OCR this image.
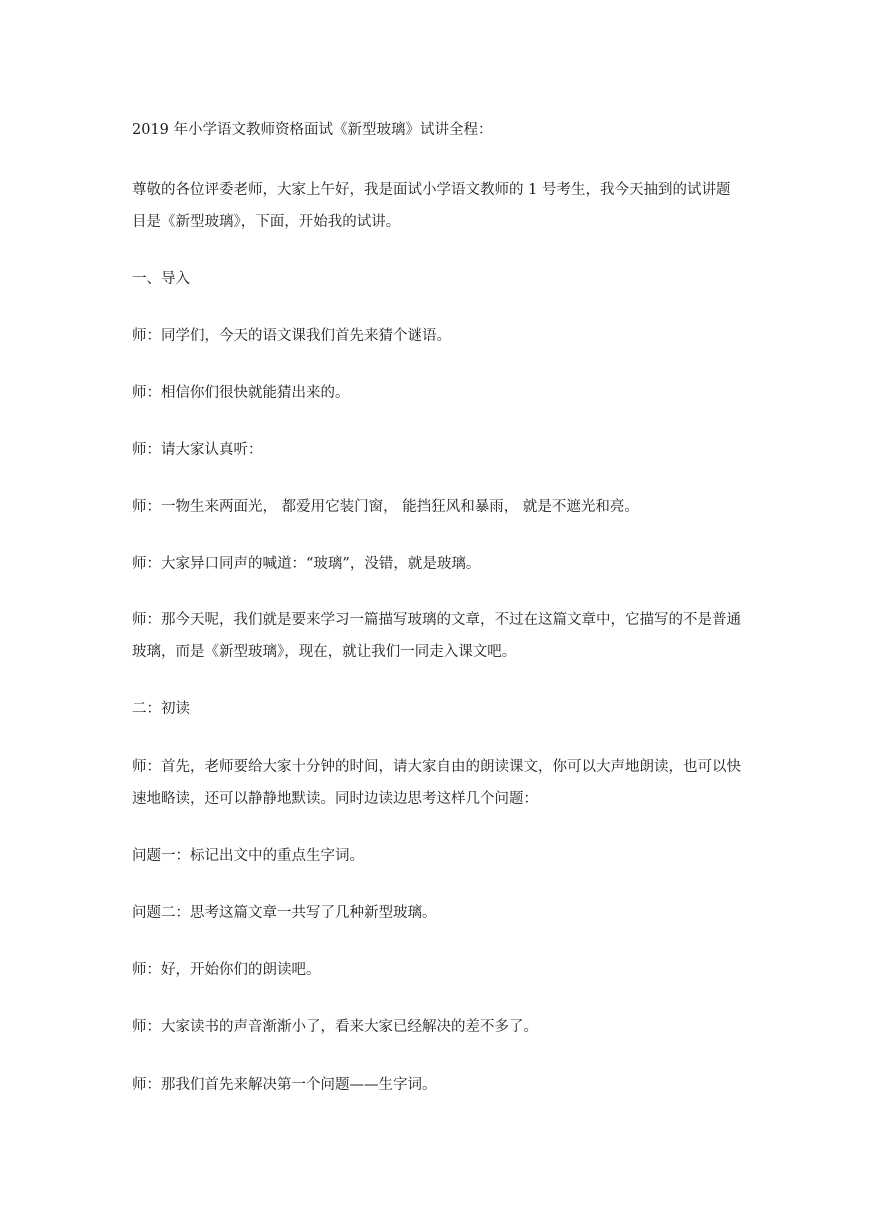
2019 年小学语文教师资格面试《新型玻璃》试讲全程：

尊敬的各位评委老师，大家上午好，我是面试小学语文教师的 1 号考生，我今天抽到的试讲题目是《新型玻璃》，下面，开始我的试讲。

一、导入

师：同学们，今天的语文课我们首先来猜个谜语。

师：相信你们很快就能猜出来的。

师：请大家认真听：

师：一物生来两面光， 都爱用它装门窗， 能挡狂风和暴雨， 就是不遮光和亮。

师：大家异口同声的喊道：“玻璃”，没错，就是玻璃。

师：那今天呢，我们就是要来学习一篇描写玻璃的文章，不过在这篇文章中，它描写的不是普通玻璃，而是《新型玻璃》，现在，就让我们一同走入课文吧。

二：初读

师：首先，老师要给大家十分钟的时间，请大家自由的朗读课文，你可以大声地朗读，也可以快速地略读，还可以静静地默读。同时边读边思考这样几个问题：

问题一：标记出文中的重点生字词。

问题二：思考这篇文章一共写了几种新型玻璃。

师：好，开始你们的朗读吧。

师：大家读书的声音渐渐小了，看来大家已经解决的差不多了。

师：那我们首先来解决第一个问题——生字词。
